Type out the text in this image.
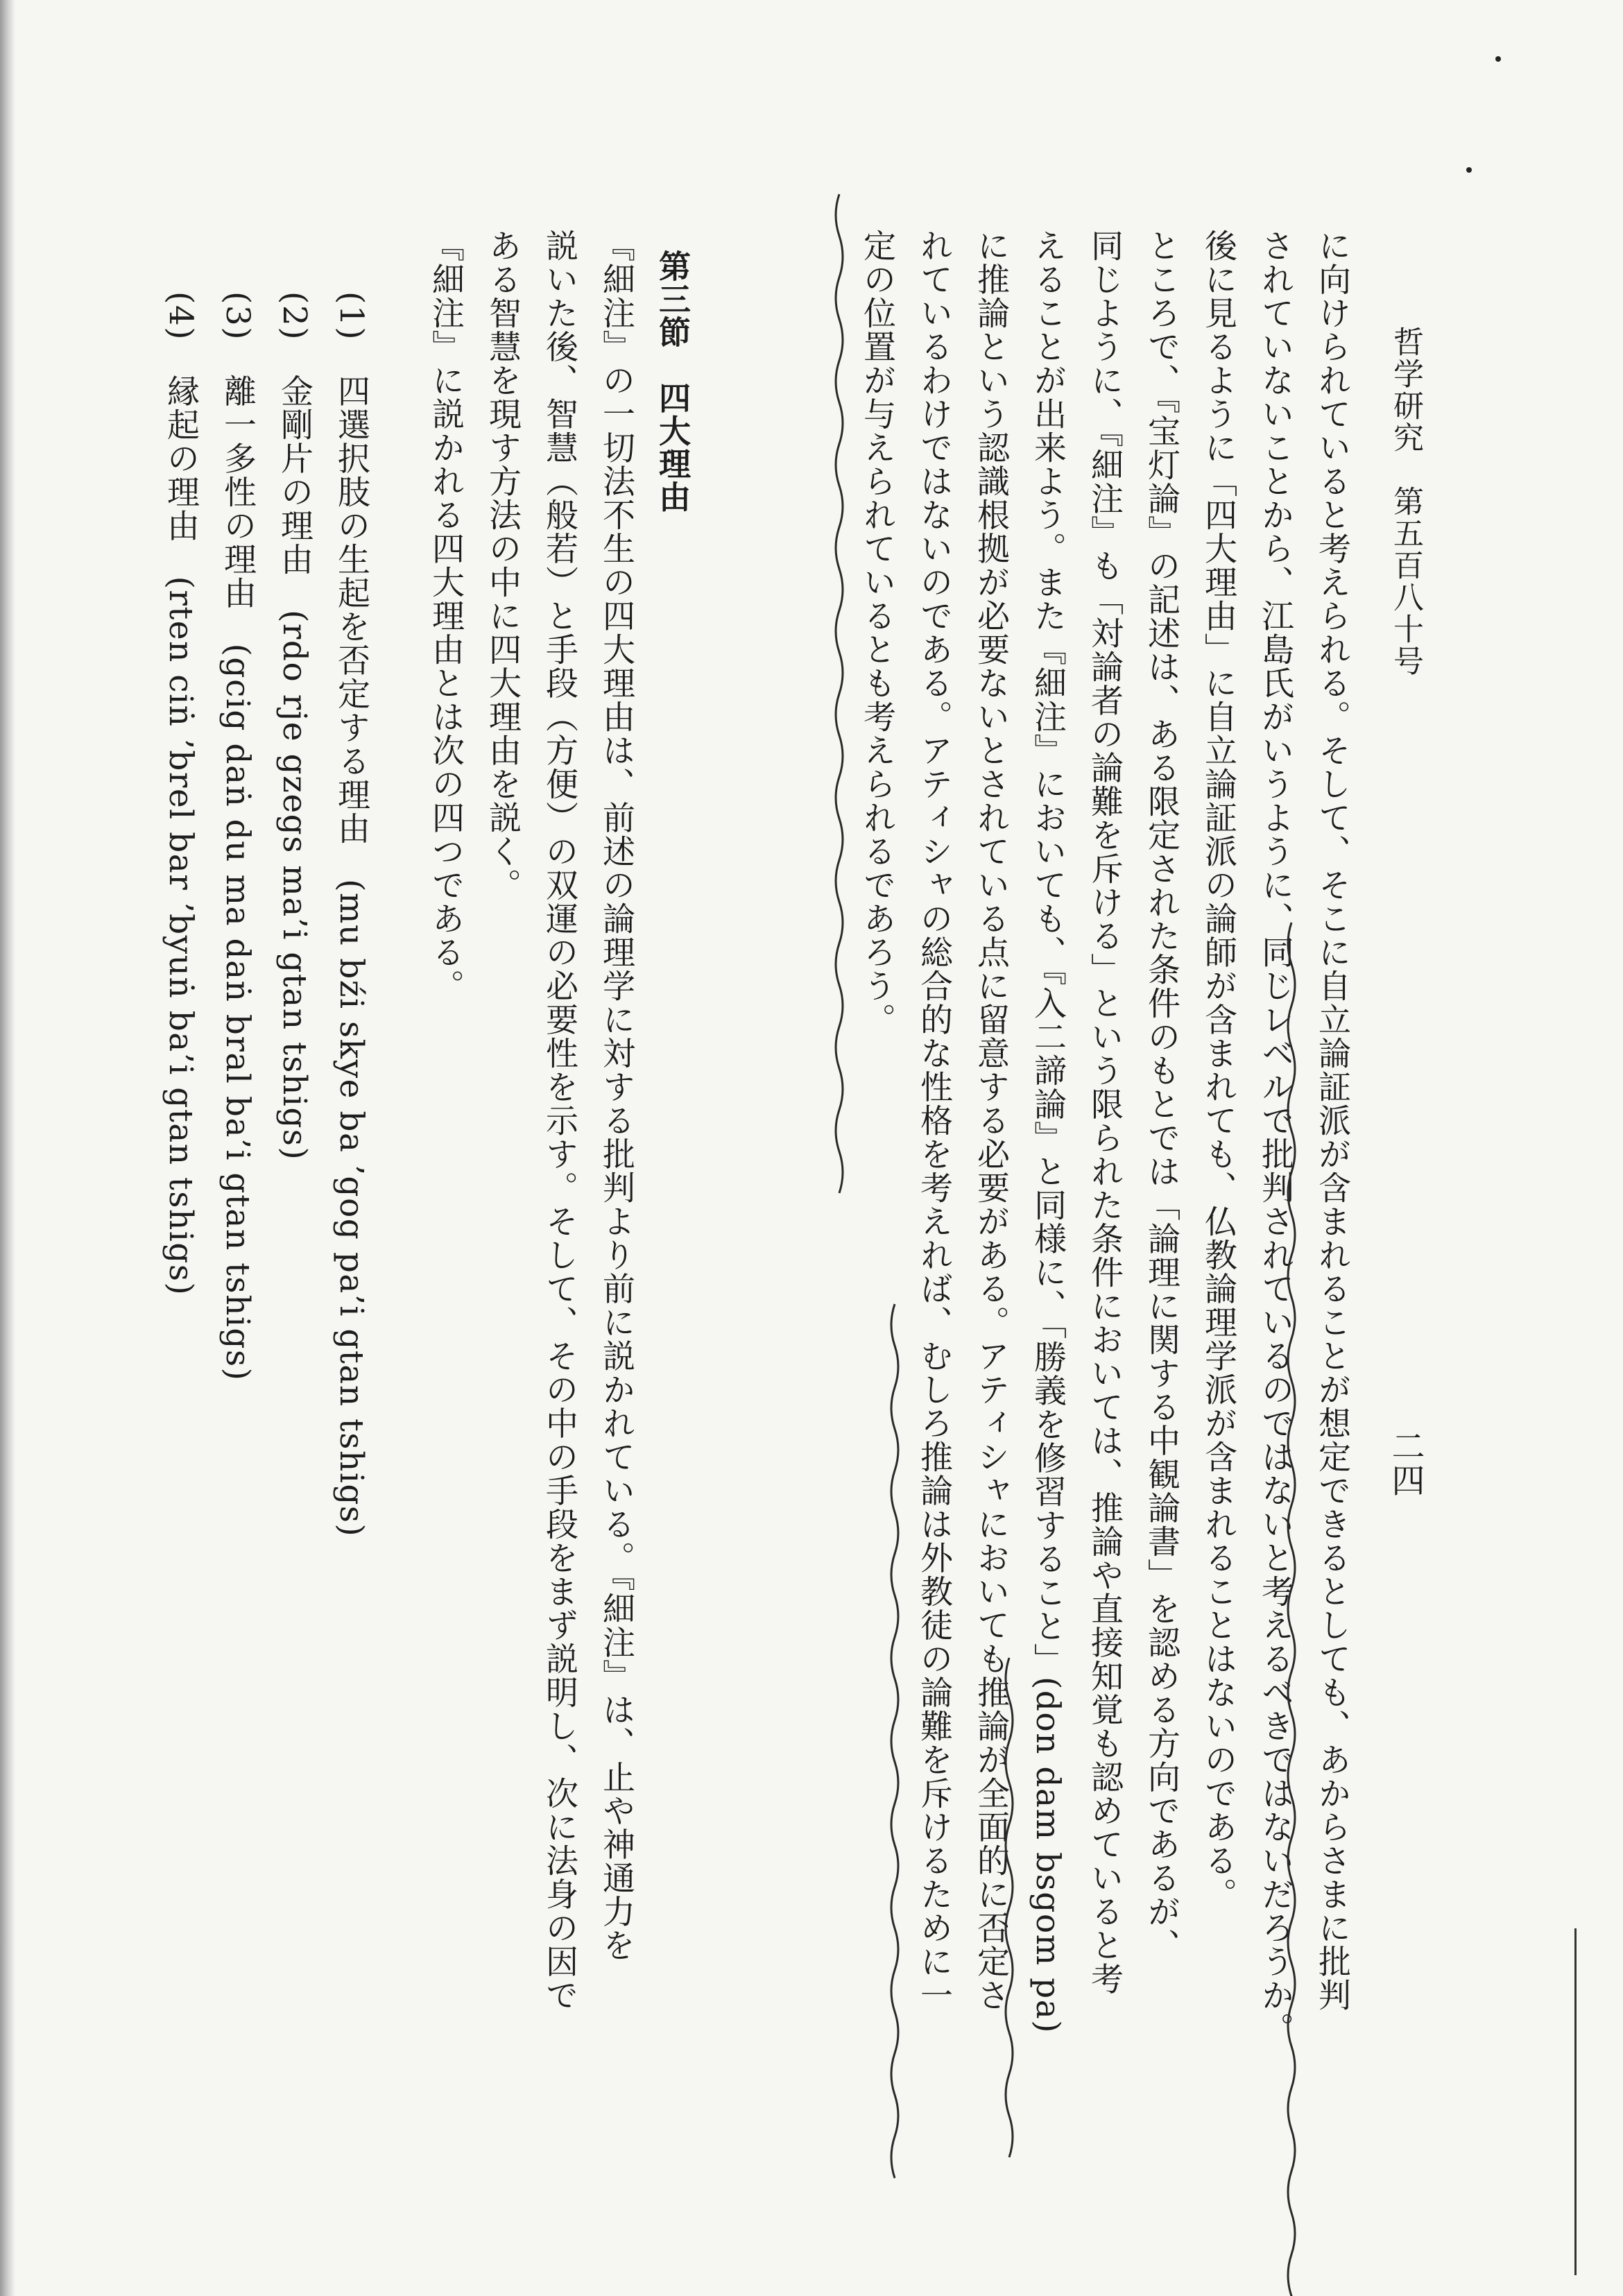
哲学研究　第五百八十号
二四
に向けられていると考えられる。そして、そこに自立論証派が含まれることが想定できるとしても、あからさまに批判
されていないことから、江島氏がいうように、同じレベルで批判されているのではないと考えるべきではないだろうか。
後に見るように「四大理由」に自立論証派の論師が含まれても、仏教論理学派が含まれることはないのである。
ところで、『宝灯論』の記述は、ある限定された条件のもとでは「論理に関する中観論書」を認める方向であるが、
同じように、『細注』も「対論者の論難を斥ける」という限られた条件においては、推論や直接知覚も認めていると考
えることが出来よう。また『細注』においても、『入二諦論』と同様に、「勝義を修習すること」(don dam bsgom pa)
に推論という認識根拠が必要ないとされている点に留意する必要がある。アティシャにおいても推論が全面的に否定さ
れているわけではないのである。アティシャの総合的な性格を考えれば、むしろ推論は外教徒の論難を斥けるために一
定の位置が与えられているとも考えられるであろう。
第三節　四大理由
『細注』の一切法不生の四大理由は、前述の論理学に対する批判より前に説かれている。『細注』は、止や神通力を
説いた後、智慧（般若）と手段（方便）の双運の必要性を示す。そして、その中の手段をまず説明し、次に法身の因で
ある智慧を現す方法の中に四大理由を説く。
『細注』に説かれる四大理由とは次の四つである。
(1)　四選択肢の生起を否定する理由　(mu bźi skye ba ’gog pa’i gtan tshigs)
(2)　金剛片の理由　(rdo rje gzegs ma’i gtan tshigs)
(3)　離一多性の理由　(gcig daṅ du ma daṅ bral ba’i gtan tshigs)
(4)　縁起の理由　(rten ciṅ ’brel bar ’byuṅ ba’i gtan tshigs)
